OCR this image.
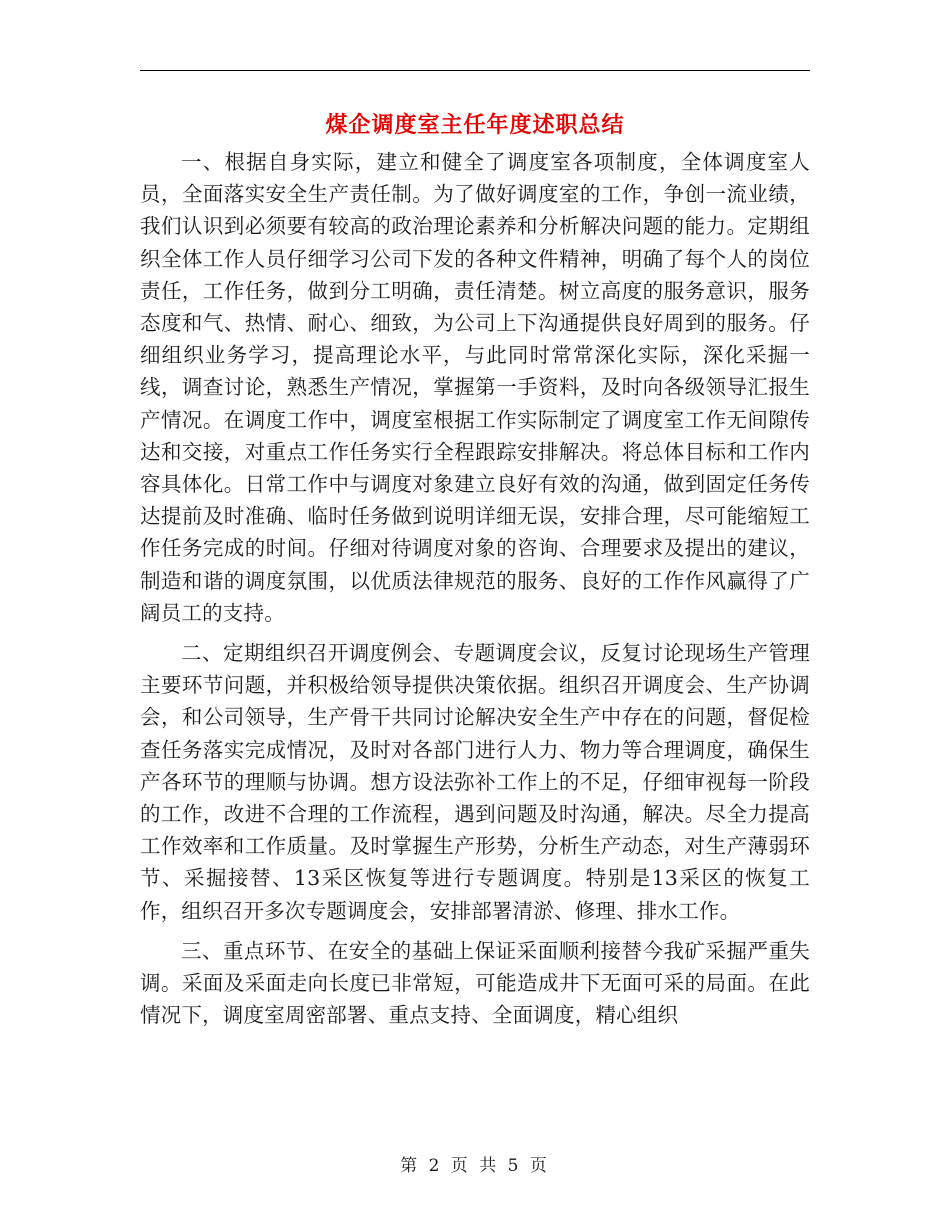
煤企调度室主任年度述职总结

一、根据自身实际，建立和健全了调度室各项制度，全体调度室人员，全面落实安全生产责任制。为了做好调度室的工作，争创一流业绩，我们认识到必须要有较高的政治理论素养和分析解决问题的能力。定期组织全体工作人员仔细学习公司下发的各种文件精神，明确了每个人的岗位责任，工作任务，做到分工明确，责任清楚。树立高度的服务意识，服务态度和气、热情、耐心、细致，为公司上下沟通提供良好周到的服务。仔细组织业务学习，提高理论水平，与此同时常常深化实际，深化采掘一线，调查讨论，熟悉生产情况，掌握第一手资料，及时向各级领导汇报生产情况。在调度工作中，调度室根据工作实际制定了调度室工作无间隙传达和交接，对重点工作任务实行全程跟踪安排解决。将总体目标和工作内容具体化。日常工作中与调度对象建立良好有效的沟通，做到固定任务传达提前及时准确、临时任务做到说明详细无误，安排合理，尽可能缩短工作任务完成的时间。仔细对待调度对象的咨询、合理要求及提出的建议，制造和谐的调度氛围，以优质法律规范的服务、良好的工作作风赢得了广阔员工的支持。

二、定期组织召开调度例会、专题调度会议，反复讨论现场生产管理主要环节问题，并积极给领导提供决策依据。组织召开调度会、生产协调会，和公司领导，生产骨干共同讨论解决安全生产中存在的问题，督促检查任务落实完成情况，及时对各部门进行人力、物力等合理调度，确保生产各环节的理顺与协调。想方设法弥补工作上的不足，仔细审视每一阶段的工作，改进不合理的工作流程，遇到问题及时沟通，解决。尽全力提高工作效率和工作质量。及时掌握生产形势，分析生产动态，对生产薄弱环节、采掘接替、13采区恢复等进行专题调度。特别是13采区的恢复工作，组织召开多次专题调度会，安排部署清淤、修理、排水工作。

三、重点环节、在安全的基础上保证采面顺利接替今我矿采掘严重失调。采面及采面走向长度已非常短，可能造成井下无面可采的局面。在此情况下，调度室周密部署、重点支持、全面调度，精心组织

第 2 页 共 5 页
